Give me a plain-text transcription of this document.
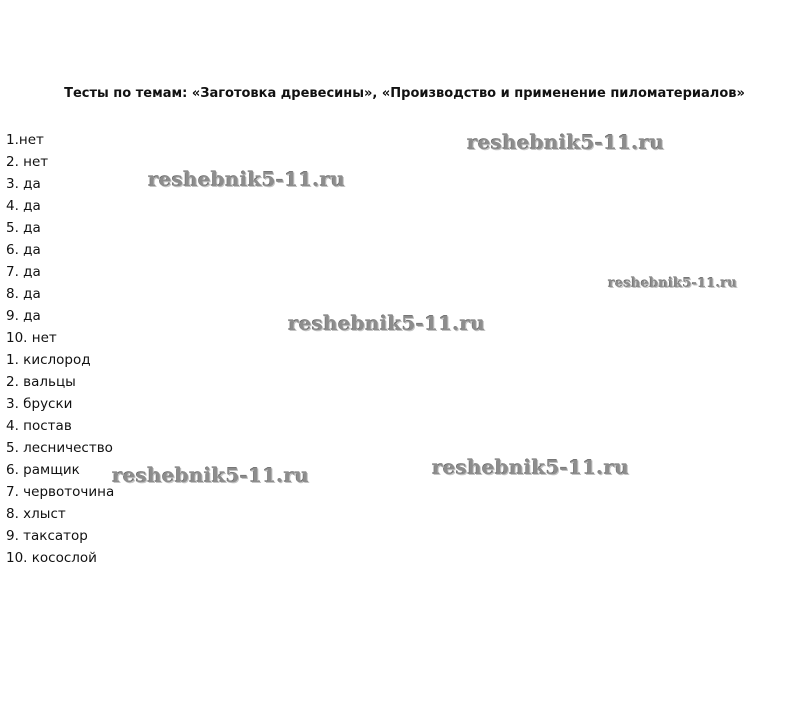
Тесты по темам: «Заготовка древесины», «Производство и применение пиломатериалов»
1.нет
2. нет
3. да
4. да
5. да
6. да
7. да
8. да
9. да
10. нет
1. кислород
2. вальцы
3. бруски
4. постав
5. лесничество
6. рамщик
7. червоточина
8. хлыст
9. таксатор
10. косослой
reshebnik5-11.ru
reshebnik5-11.ru
reshebnik5-11.ru
reshebnik5-11.ru
reshebnik5-11.ru
reshebnik5-11.ru
